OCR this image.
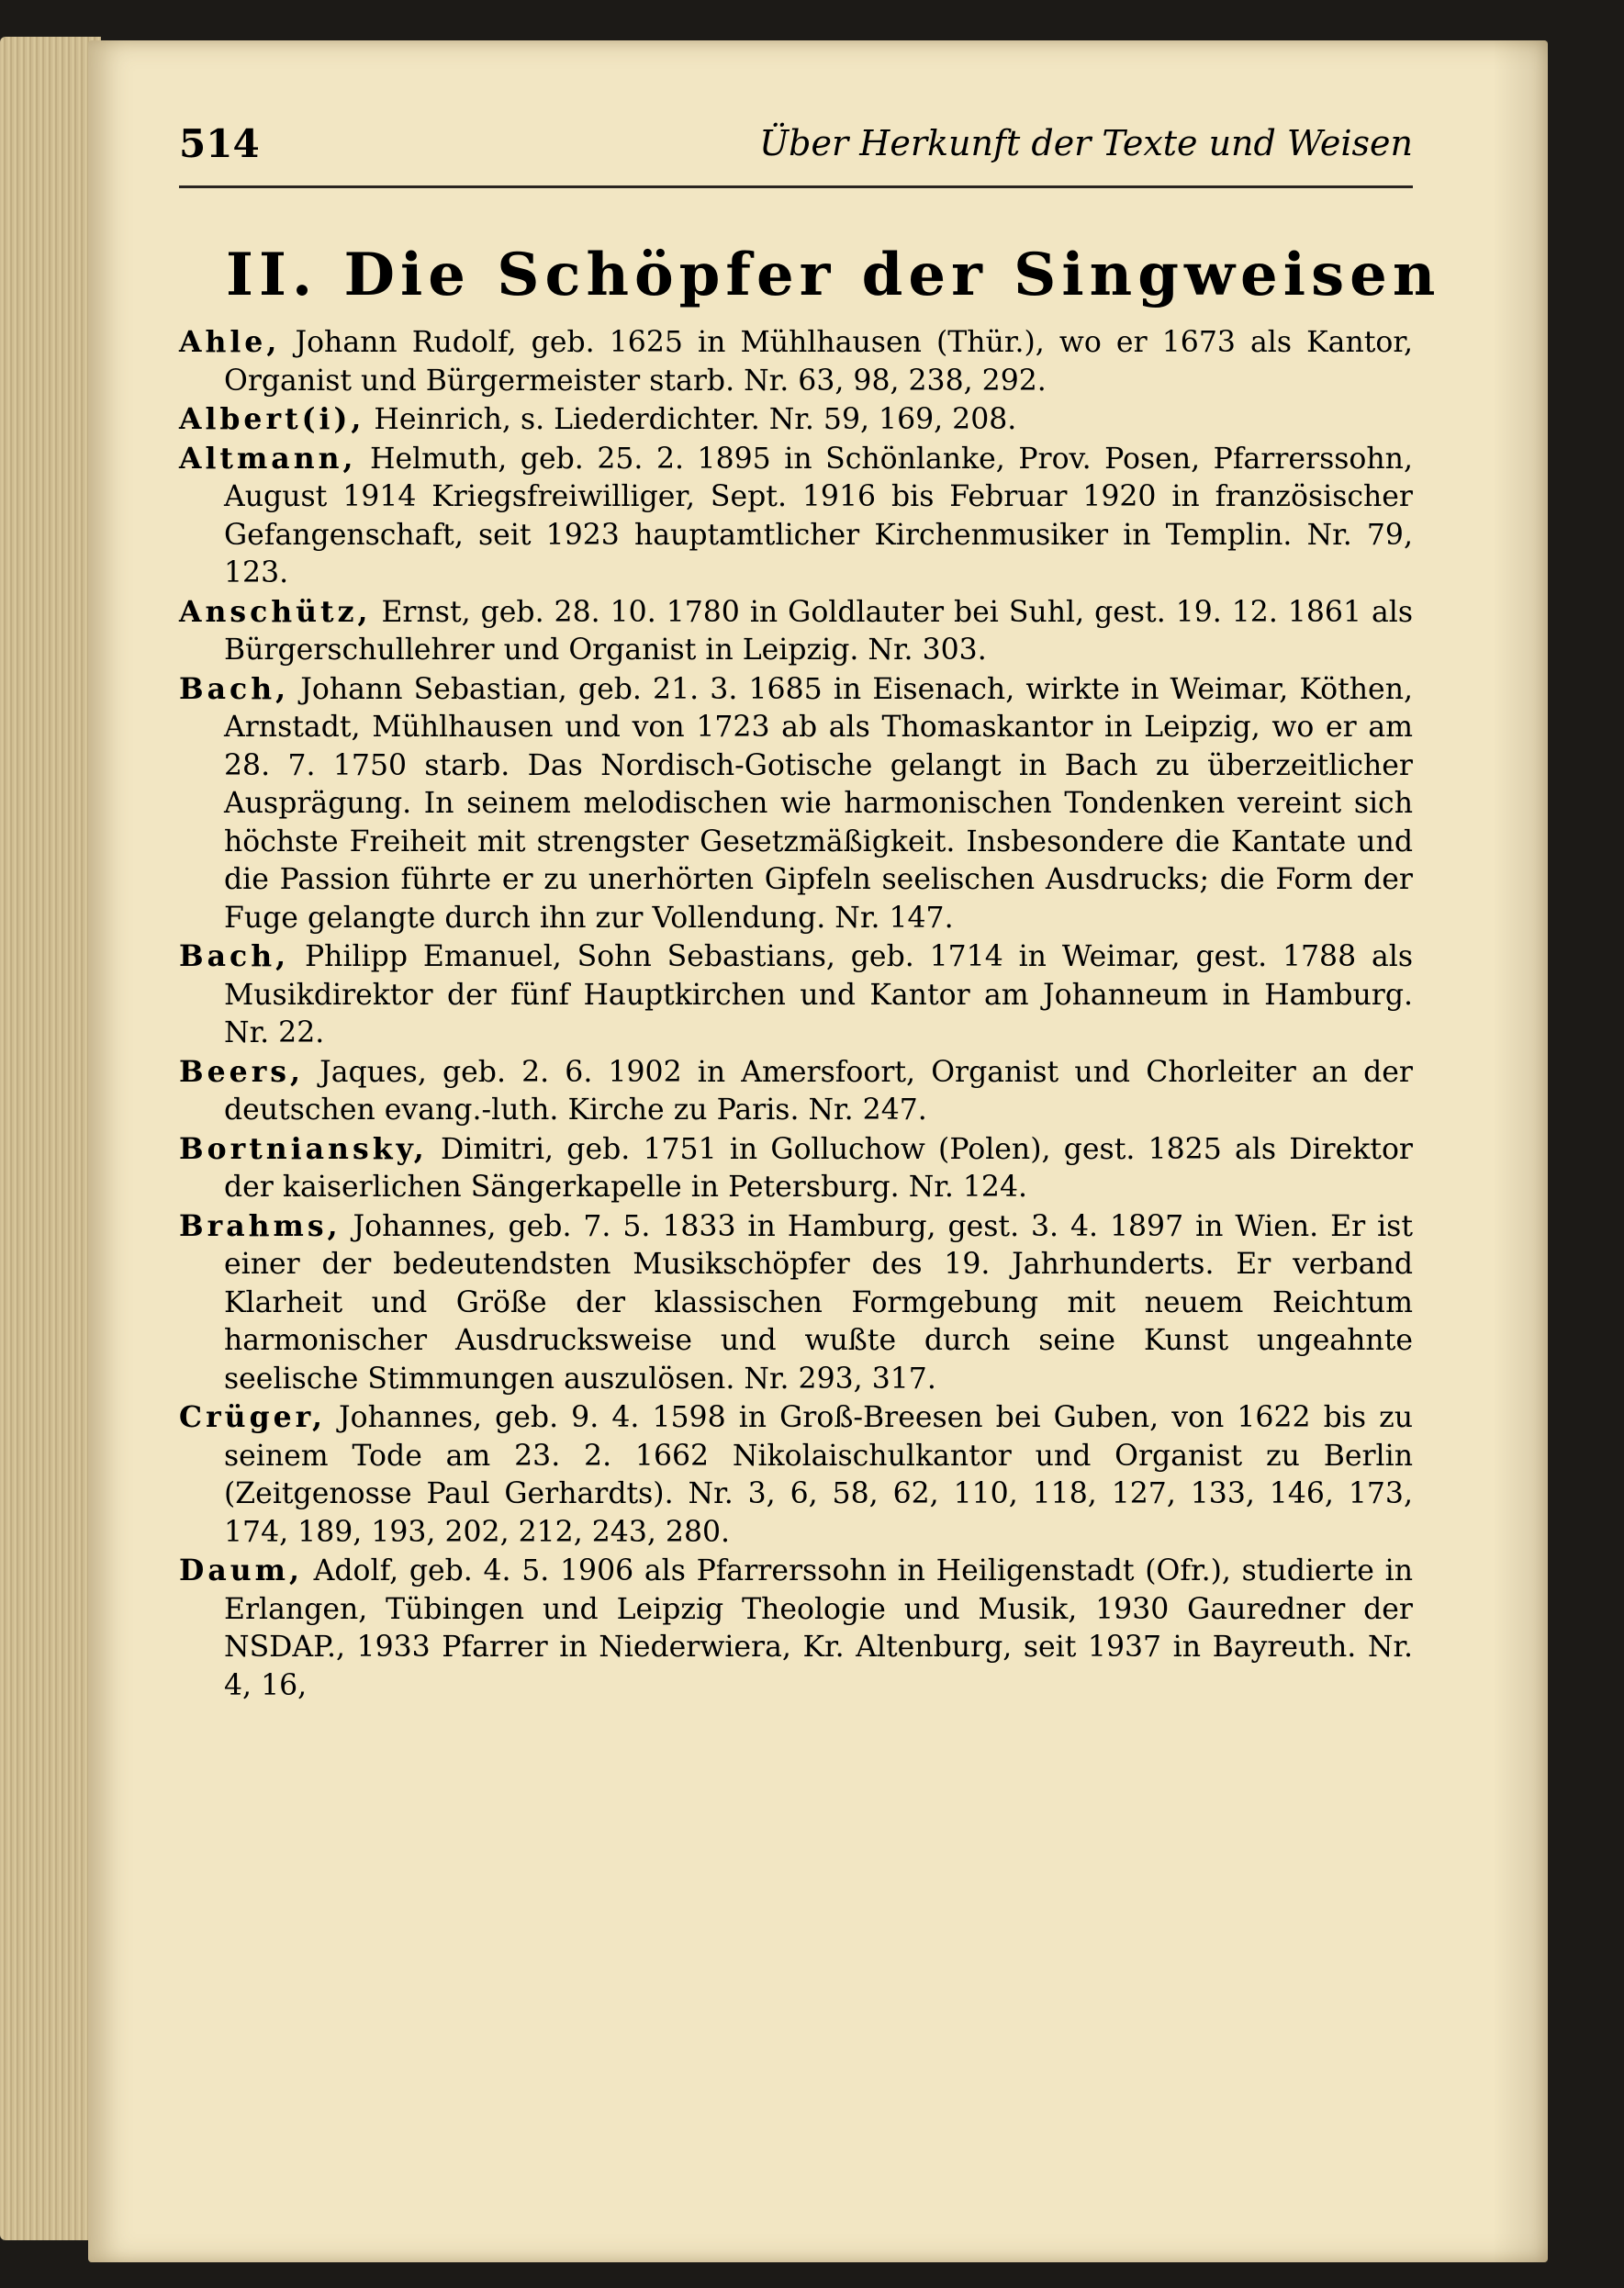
514	Über Herkunft der Texte und Weisen
II. Die Schöpfer der Singweisen

Ahle, Johann Rudolf, geb. 1625 in Mühlhausen (Thür.), wo er 1673 als Kantor, Organist und Bürgermeister starb. Nr. 63, 98, 238, 292.

Albert(i), Heinrich, s. Liederdichter. Nr. 59, 169, 208.

Altmann, Helmuth, geb. 25. 2. 1895 in Schönlanke, Prov. Posen, Pfarrerssohn, August 1914 Kriegsfreiwilliger, Sept. 1916 bis Februar 1920 in französischer Gefangenschaft, seit 1923 hauptamtlicher Kirchenmusiker in Templin. Nr. 79, 123.

Anschütz, Ernst, geb. 28. 10. 1780 in Goldlauter bei Suhl, gest. 19. 12. 1861 als Bürgerschullehrer und Organist in Leipzig. Nr. 303.

Bach, Johann Sebastian, geb. 21. 3. 1685 in Eisenach, wirkte in Weimar, Köthen, Arnstadt, Mühlhausen und von 1723 ab als Thomaskantor in Leipzig, wo er am 28. 7. 1750 starb. Das Nordisch-Gotische gelangt in Bach zu überzeitlicher Ausprägung. In seinem melodischen wie harmonischen Tondenken vereint sich höchste Freiheit mit strengster Gesetzmäßigkeit. Insbesondere die Kantate und die Passion führte er zu unerhörten Gipfeln seelischen Ausdrucks; die Form der Fuge gelangte durch ihn zur Vollendung. Nr. 147.

Bach, Philipp Emanuel, Sohn Sebastians, geb. 1714 in Weimar, gest. 1788 als Musikdirektor der fünf Hauptkirchen und Kantor am Johanneum in Hamburg. Nr. 22.

Beers, Jaques, geb. 2. 6. 1902 in Amersfoort, Organist und Chorleiter an der deutschen evang.-luth. Kirche zu Paris. Nr. 247.

Bortniansky, Dimitri, geb. 1751 in Golluchow (Polen), gest. 1825 als Direktor der kaiserlichen Sängerkapelle in Petersburg. Nr. 124.

Brahms, Johannes, geb. 7. 5. 1833 in Hamburg, gest. 3. 4. 1897 in Wien. Er ist einer der bedeutendsten Musikschöpfer des 19. Jahrhunderts. Er verband Klarheit und Größe der klassischen Formgebung mit neuem Reichtum harmonischer Ausdrucksweise und wußte durch seine Kunst ungeahnte seelische Stimmungen auszulösen. Nr. 293, 317.

Crüger, Johannes, geb. 9. 4. 1598 in Groß-Breesen bei Guben, von 1622 bis zu seinem Tode am 23. 2. 1662 Nikolaischulkantor und Organist zu Berlin (Zeitgenosse Paul Gerhardts). Nr. 3, 6, 58, 62, 110, 118, 127, 133, 146, 173, 174, 189, 193, 202, 212, 243, 280.

Daum, Adolf, geb. 4. 5. 1906 als Pfarrerssohn in Heiligenstadt (Ofr.), studierte in Erlangen, Tübingen und Leipzig Theologie und Musik, 1930 Gauredner der NSDAP., 1933 Pfarrer in Niederwiera, Kr. Altenburg, seit 1937 in Bayreuth. Nr. 4, 16,
